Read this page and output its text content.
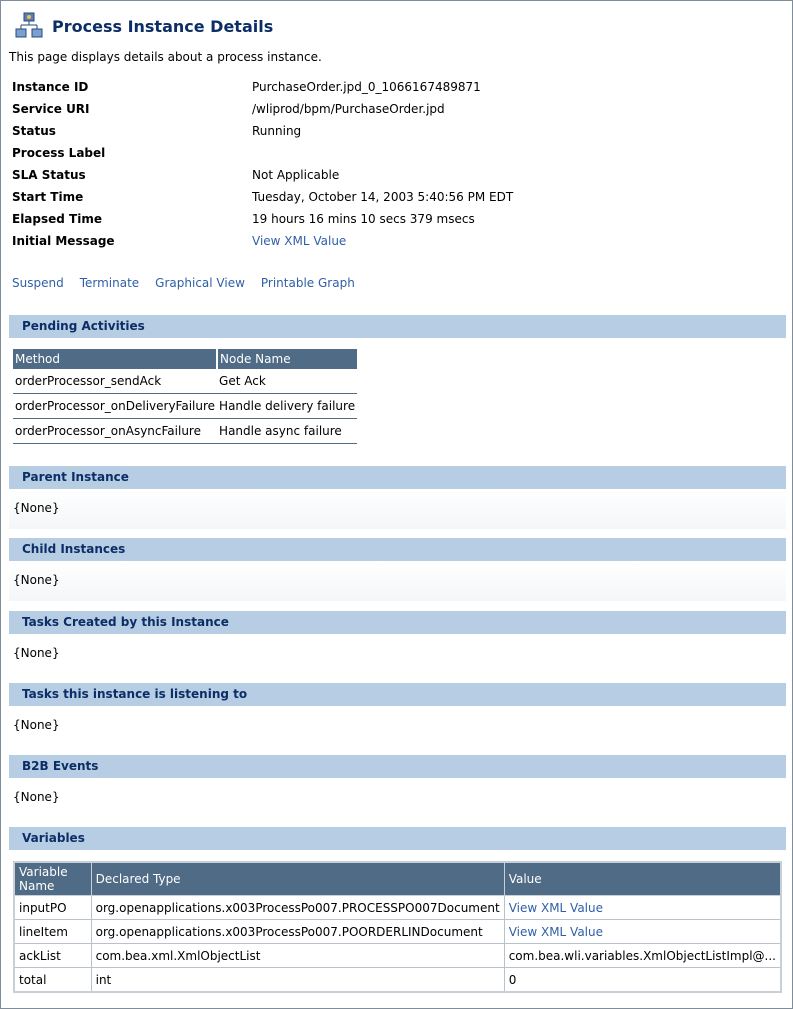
Process Instance Details
This page displays details about a process instance.
Instance ID	PurchaseOrder.jpd_0_1066167489871
Service URI	/wliprod/bpm/PurchaseOrder.jpd
Status	Running
Process Label
SLA Status	Not Applicable
Start Time	Tuesday, October 14, 2003 5:40:56 PM EDT
Elapsed Time	19 hours 16 mins 10 secs 379 msecs
Initial Message	View XML Value
Suspend Terminate Graphical View Printable Graph
Pending Activities
Method	Node Name
orderProcessor_sendAck	Get Ack
orderProcessor_onDeliveryFailure	Handle delivery failure
orderProcessor_onAsyncFailure	Handle async failure
Parent Instance
{None}
Child Instances
{None}
Tasks Created by this Instance
{None}
Tasks this instance is listening to
{None}
B2B Events
{None}
Variables
Variable Name	Declared Type	Value
inputPO	org.openapplications.x003ProcessPo007.PROCESSPO007Document	View XML Value
lineItem	org.openapplications.x003ProcessPo007.POORDERLINDocument	View XML Value
ackList	com.bea.xml.XmlObjectList	com.bea.wli.variables.XmlObjectListImpl@...
total	int	0
